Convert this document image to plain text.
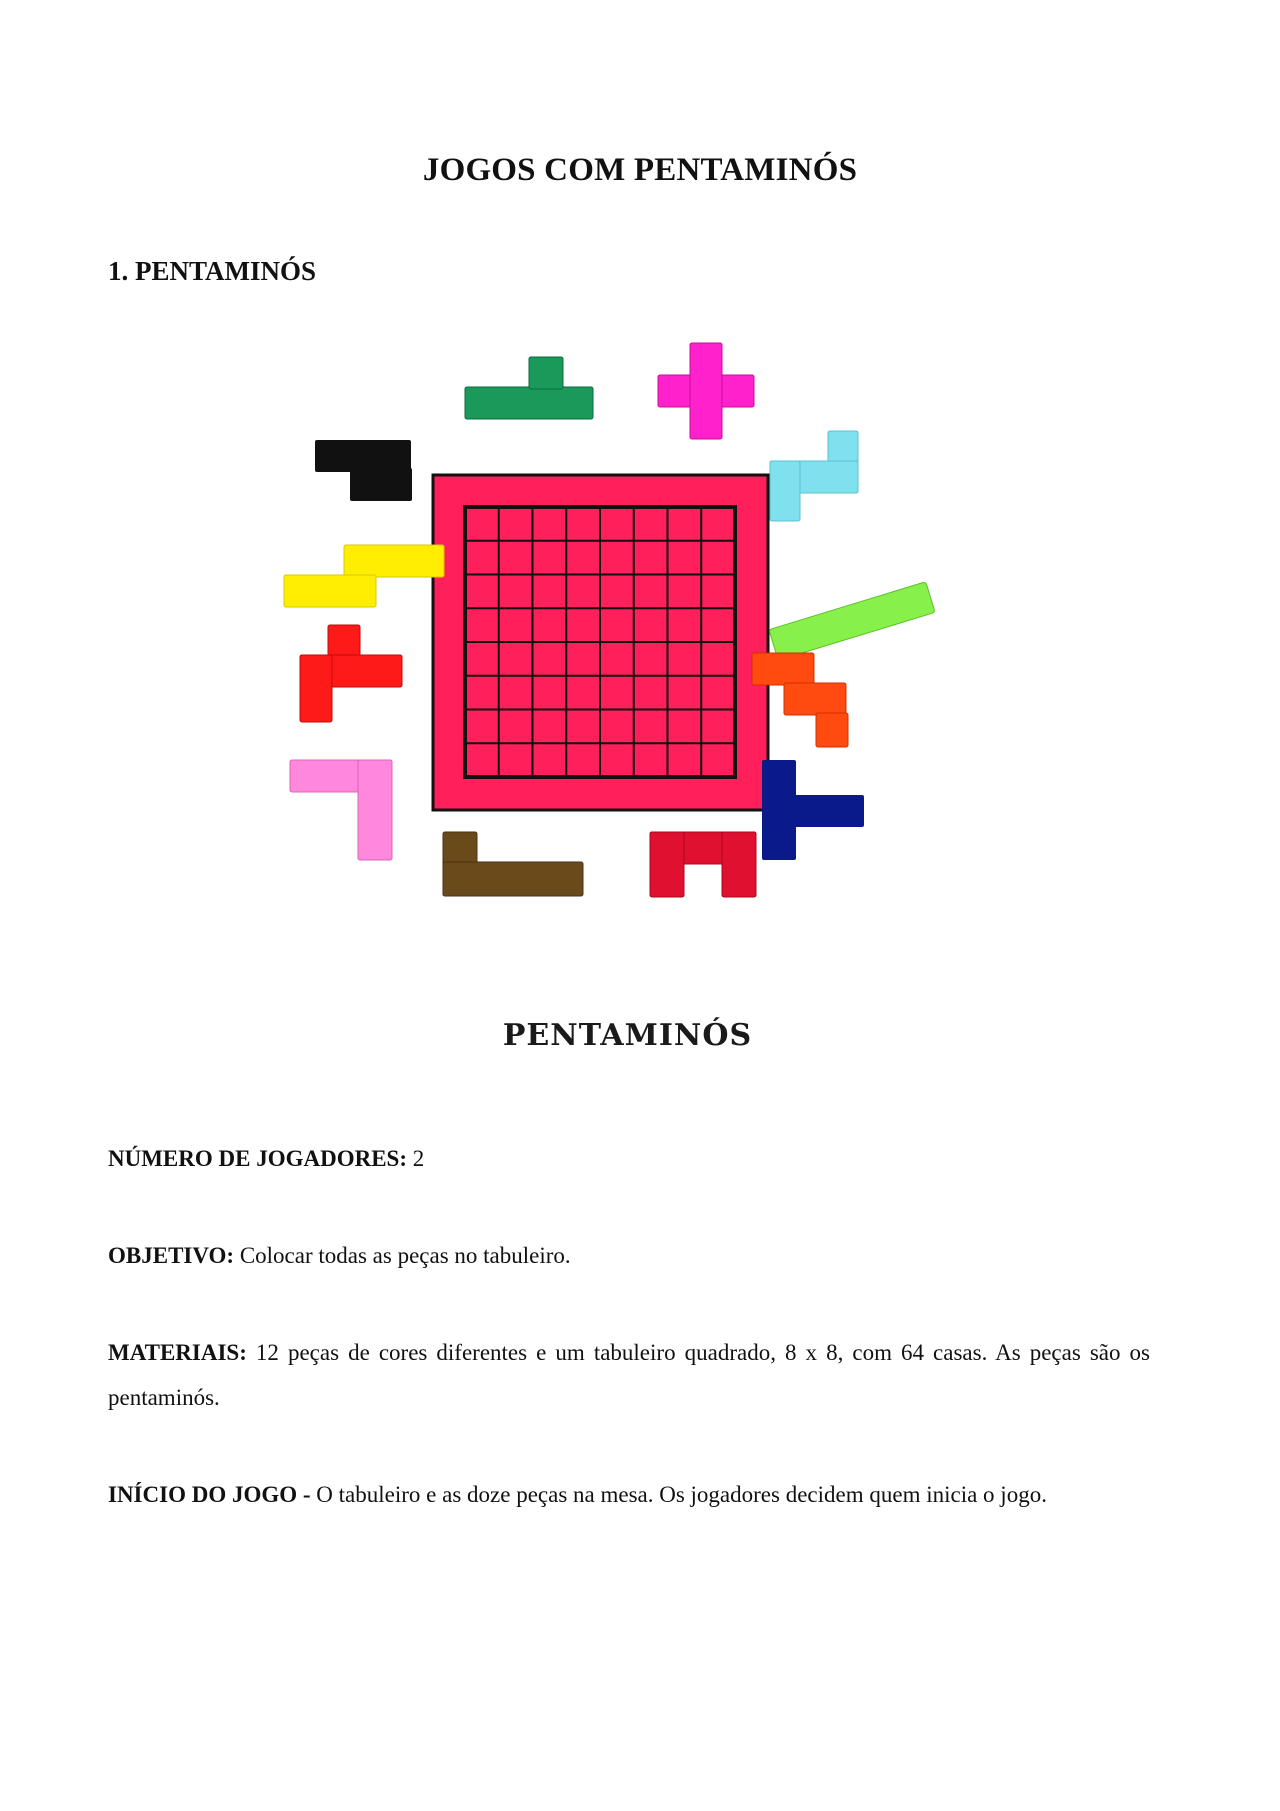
JOGOS COM PENTAMINÓS
1. PENTAMINÓS

PENTAMINÓS

NÚMERO DE JOGADORES: 2

OBJETIVO: Colocar todas as peças no tabuleiro.

MATERIAIS: 12 peças de cores diferentes e um tabuleiro quadrado, 8 x 8, com 64 casas. As peças são os pentaminós.

INÍCIO DO JOGO - O tabuleiro e as doze peças na mesa. Os jogadores decidem quem inicia o jogo.
